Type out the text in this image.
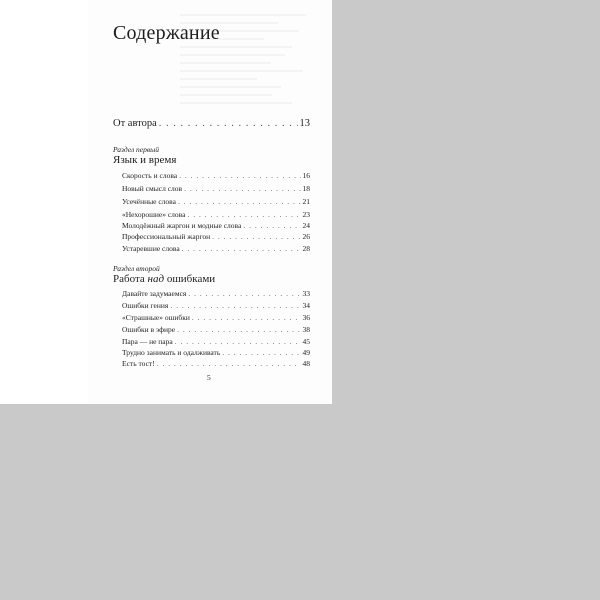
Содержание
От автора . . .	13
Раздел первый
Язык и время
Скорость и слова . . .	16
Новый смысл слов . . .	18
Усечённые слова . . .	21
«Нехорошие» слова . . .	23
Молодёжный жаргон и модные слова . . .	24
Профессиональный жаргон . . .	26
Устаревшие слова . . .	28
Раздел второй
Работа над ошибками
Давайте задумаемся . . .	33
Ошибки гения . . .	34
«Страшные» ошибки . . .	36
Ошибки в эфире . . .	38
Пара — не пара . . .	45
Трудно занимать и одалживать . . .	49
Есть тост! . . .	48
5
